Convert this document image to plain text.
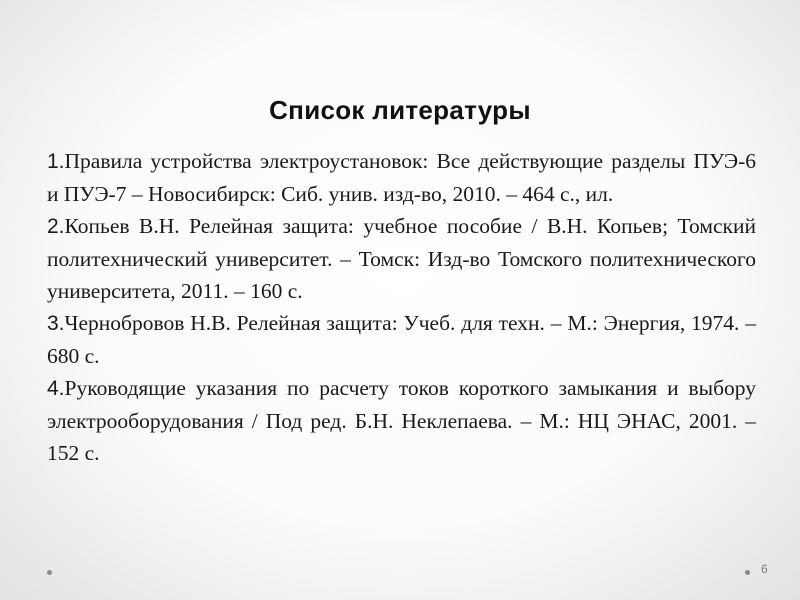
Список литературы
1.Правила устройства электроустановок: Все действующие разделы ПУЭ-6 и ПУЭ-7 – Новосибирск: Сиб. унив. изд-во, 2010. – 464 с., ил.
2.Копьев В.Н. Релейная защита: учебное пособие / В.Н. Копьев; Томский политехнический университет. – Томск: Изд-во Томского политехнического университета, 2011. – 160 с.
3.Чернобровов Н.В. Релейная защита: Учеб. для техн. – М.: Энергия, 1974. – 680 с.
4.Руководящие указания по расчету токов короткого замыкания и выбору электрооборудования / Под ред. Б.Н. Неклепаева. – М.: НЦ ЭНАС, 2001. – 152 с.
6
